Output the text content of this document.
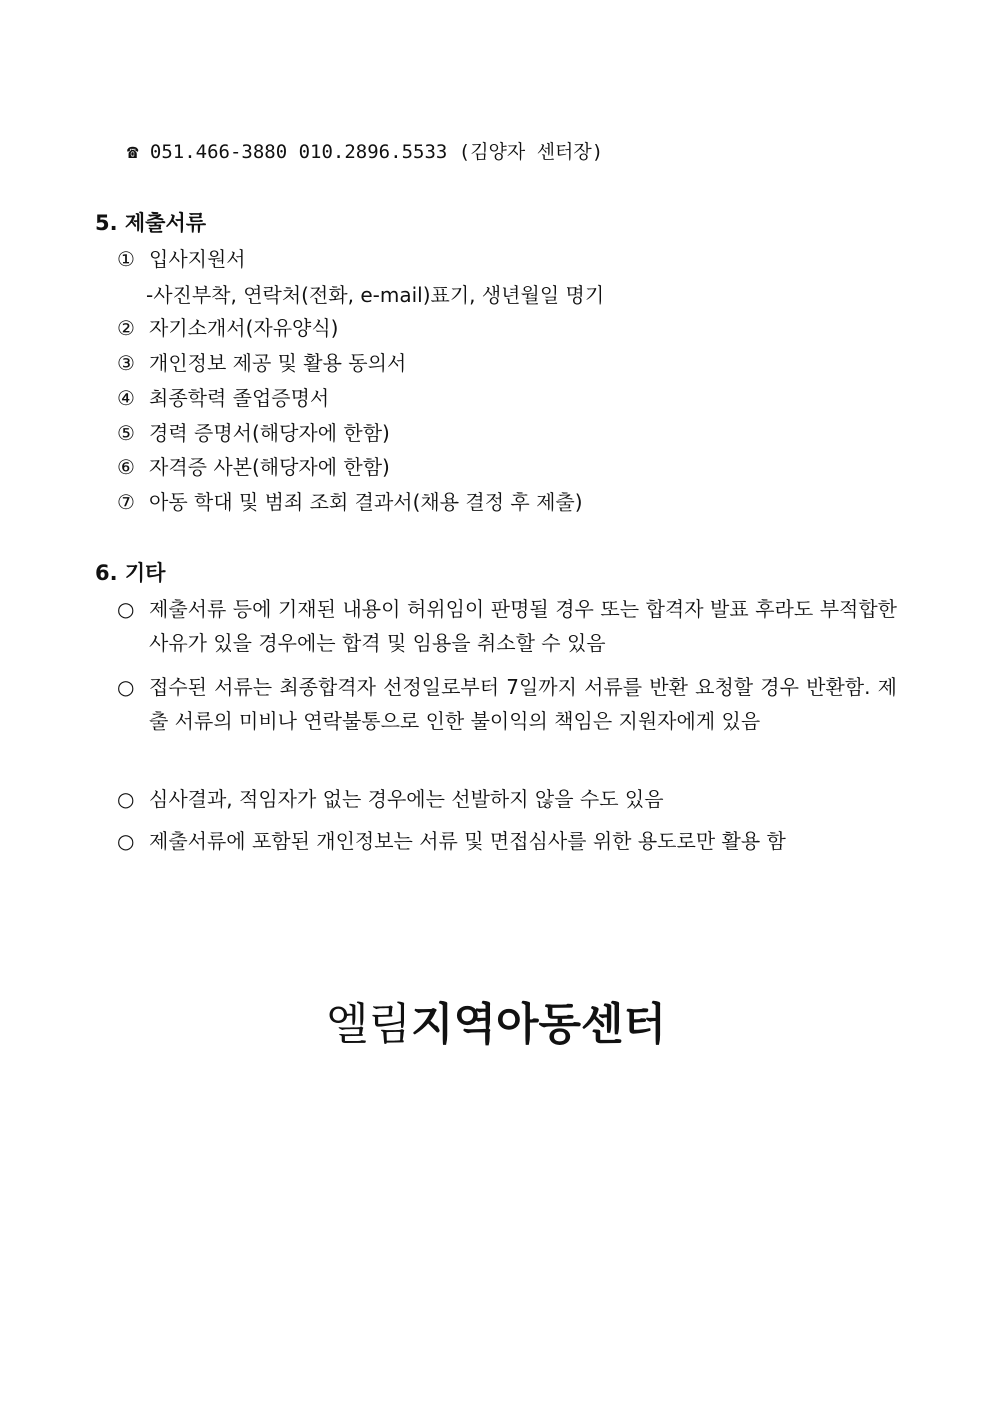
☎ 051.466-3880 010.2896.5533 (김양자 센터장)
5. 제출서류
① 입사지원서
-사진부착, 연락처(전화, e-mail)표기, 생년월일 명기
② 자기소개서(자유양식)
③ 개인정보 제공 및 활용 동의서
④ 최종학력 졸업증명서
⑤ 경력 증명서(해당자에 한함)
⑥ 자격증 사본(해당자에 한함)
⑦ 아동 학대 및 범죄 조회 결과서(채용 결정 후 제출)
6. 기타
○ 제출서류 등에 기재된 내용이 허위임이 판명될 경우 또는 합격자 발표 후라도 부적합한 사유가 있을 경우에는 합격 및 임용을 취소할 수 있음
○ 접수된 서류는 최종합격자 선정일로부터 7일까지 서류를 반환 요청할 경우 반환함. 제출 서류의 미비나 연락불통으로 인한 불이익의 책임은 지원자에게 있음
○ 심사결과, 적임자가 없는 경우에는 선발하지 않을 수도 있음
○ 제출서류에 포함된 개인정보는 서류 및 면접심사를 위한 용도로만 활용 함
엘림지역아동센터
